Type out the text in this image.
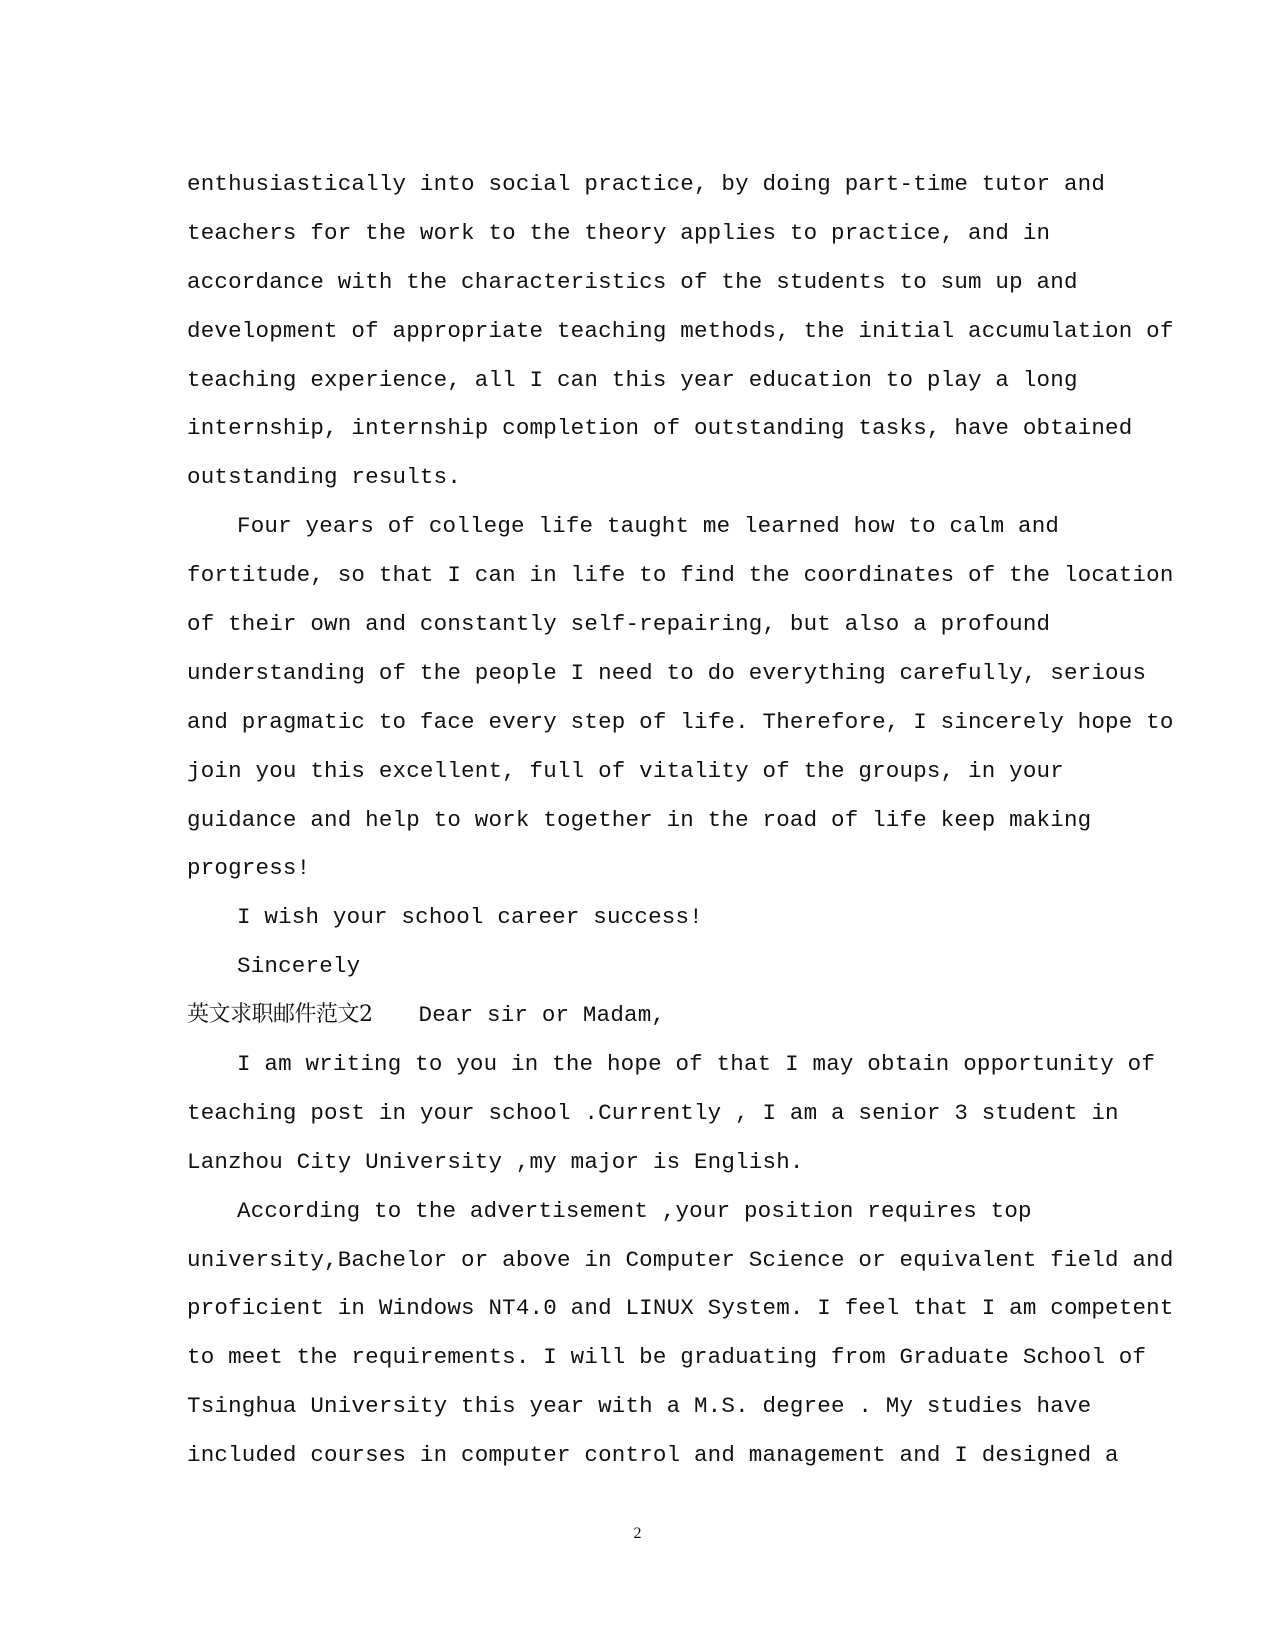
enthusiastically into social practice, by doing part-time tutor and
teachers for the work to the theory applies to practice, and in
accordance with the characteristics of the students to sum up and
development of appropriate teaching methods, the initial accumulation of
teaching experience, all I can this year education to play a long
internship, internship completion of outstanding tasks, have obtained
outstanding results.
Four years of college life taught me learned how to calm and
fortitude, so that I can in life to find the coordinates of the location
of their own and constantly self-repairing, but also a profound
understanding of the people I need to do everything carefully, serious
and pragmatic to face every step of life. Therefore, I sincerely hope to
join you this excellent, full of vitality of the groups, in your
guidance and help to work together in the road of life keep making
progress!
I wish your school career success!
Sincerely
英文求职邮件范文2 Dear sir or Madam,
I am writing to you in the hope of that I may obtain opportunity of
teaching post in your school .Currently , I am a senior 3 student in
Lanzhou City University ,my major is English.
According to the advertisement ,your position requires top
university,Bachelor or above in Computer Science or equivalent field and
proficient in Windows NT4.0 and LINUX System. I feel that I am competent
to meet the requirements. I will be graduating from Graduate School of
Tsinghua University this year with a M.S. degree . My studies have
included courses in computer control and management and I designed a
2
